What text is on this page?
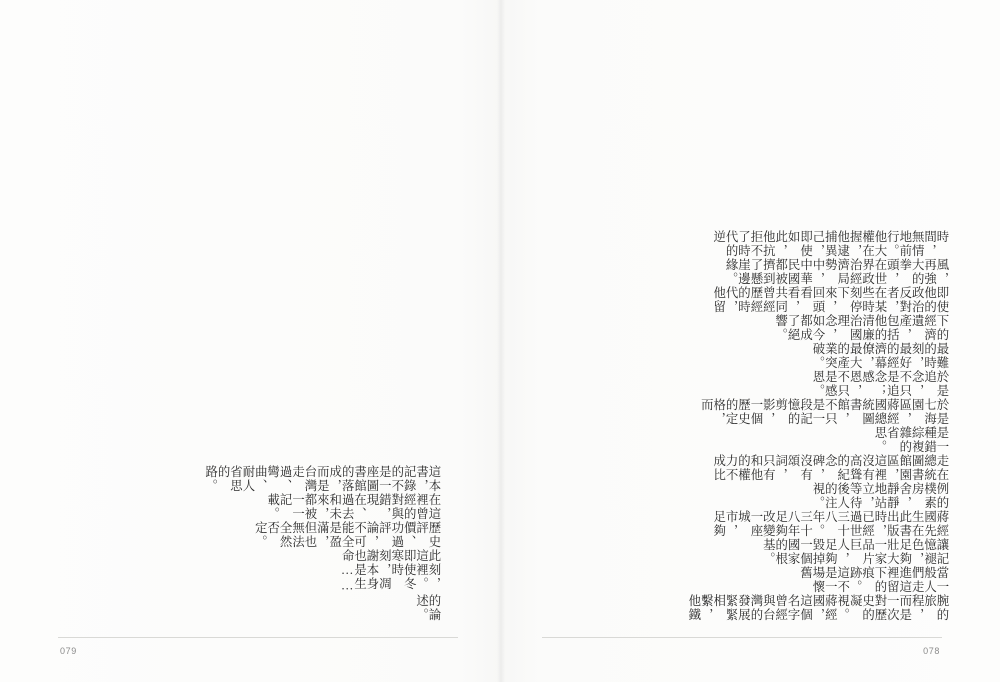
的論述。
此刻，這裡。即使冬寒時刻，凋謝本身也是生命……
歷史評價、功過評論，不可能全是盈滿，但也無法全然否定。
在這裡曾經的對與錯，現在、過去和未來，都被一一記載。
這本書，記錄的不是一座圖書館的落成，而是台灣走過、彎曲、耐人省思的路。
079
腕的旅程，而是一次對歷史的凝視。蔣經國，這個名字曾經與台灣的發展緊緊相繫，他鐵
當一般人們走進這裡留下的痕跡。這不是一場懷舊
讓記憶褪色，足夠壯大一家品片巨人，足夠毀掉一個國家的根基。
蔣經國先生在此書出版時，已經過世三十八年。三十八年足夠改變一座城市，足夠
例的樸素房舍，靜靜地站立，等待後人的注視。
走在總統圖書館園區，這裡沒有高聳的紀念碑，沒有頌詞，只有和他的權力不成比
是一種錯綜複雜的省思。
於是七海園區，蔣經國總統圖書館，不只是一段記憶的剪影，一個歷史的定格，而
於是追念，不只是追念；感恩，不只是感恩。
最難的時刻，最好的經濟幕僚，最大的產業突破。
下的經濟遺產，包括他的清廉治國理念，如今都成了絕響。
即使他的政治反對者，在某些時刻停下來，回頭看看，共同曾經歷經的時代，他留
風，再強大的拳頭，在世界政治經濟局勢中，中華民國都被擠到了懸崖邊緣。
時間，無情地前行。他大權在握，他逮捕異己，即使如此，他抗拒不了時代的逆
078
